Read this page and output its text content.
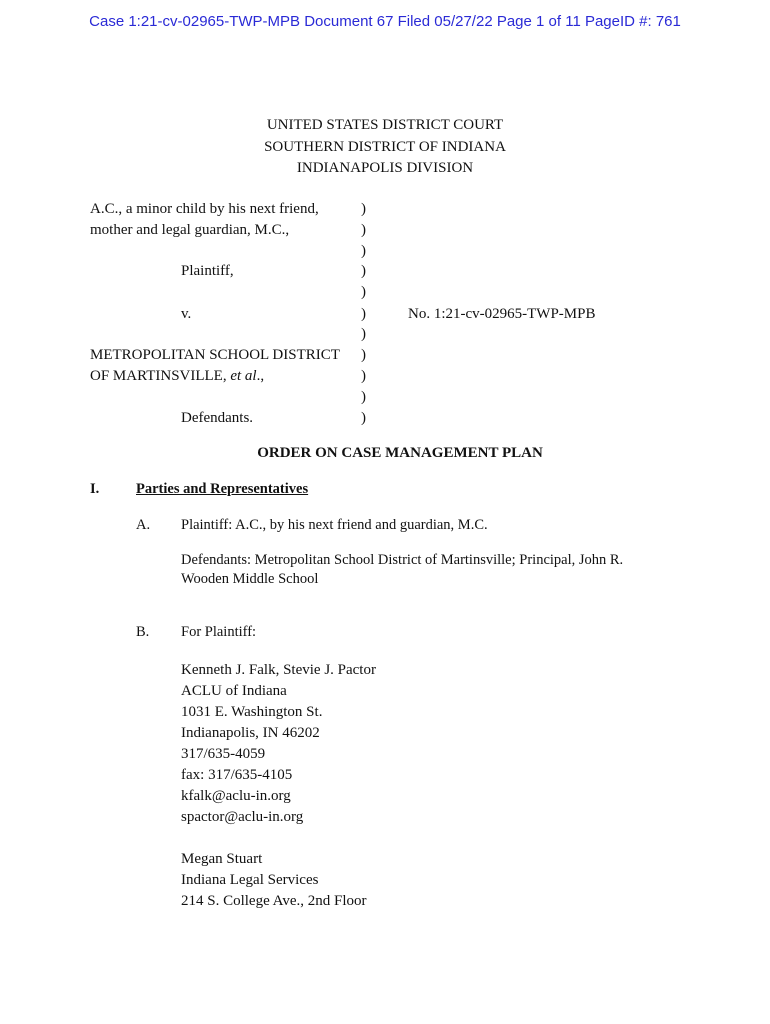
Case 1:21-cv-02965-TWP-MPB Document 67 Filed 05/27/22 Page 1 of 11 PageID #: 761
UNITED STATES DISTRICT COURT
SOUTHERN DISTRICT OF INDIANA
INDIANAPOLIS DIVISION
A.C., a minor child by his next friend,
mother and legal guardian, M.C.,
Plaintiff,
v.
METROPOLITAN SCHOOL DISTRICT
OF MARTINSVILLE, et al.,
Defendants.
)
)
)
)
)
)
)
)
)
)
)
No. 1:21-cv-02965-TWP-MPB
ORDER ON CASE MANAGEMENT PLAN
I.	Parties and Representatives
A. Plaintiff: A.C., by his next friend and guardian, M.C.
Defendants: Metropolitan School District of Martinsville; Principal, John R.
Wooden Middle School
B. For Plaintiff:
Kenneth J. Falk, Stevie J. Pactor
ACLU of Indiana
1031 E. Washington St.
Indianapolis, IN 46202
317/635-4059
fax: 317/635-4105
kfalk@aclu-in.org
spactor@aclu-in.org
Megan Stuart
Indiana Legal Services
214 S. College Ave., 2nd Floor
